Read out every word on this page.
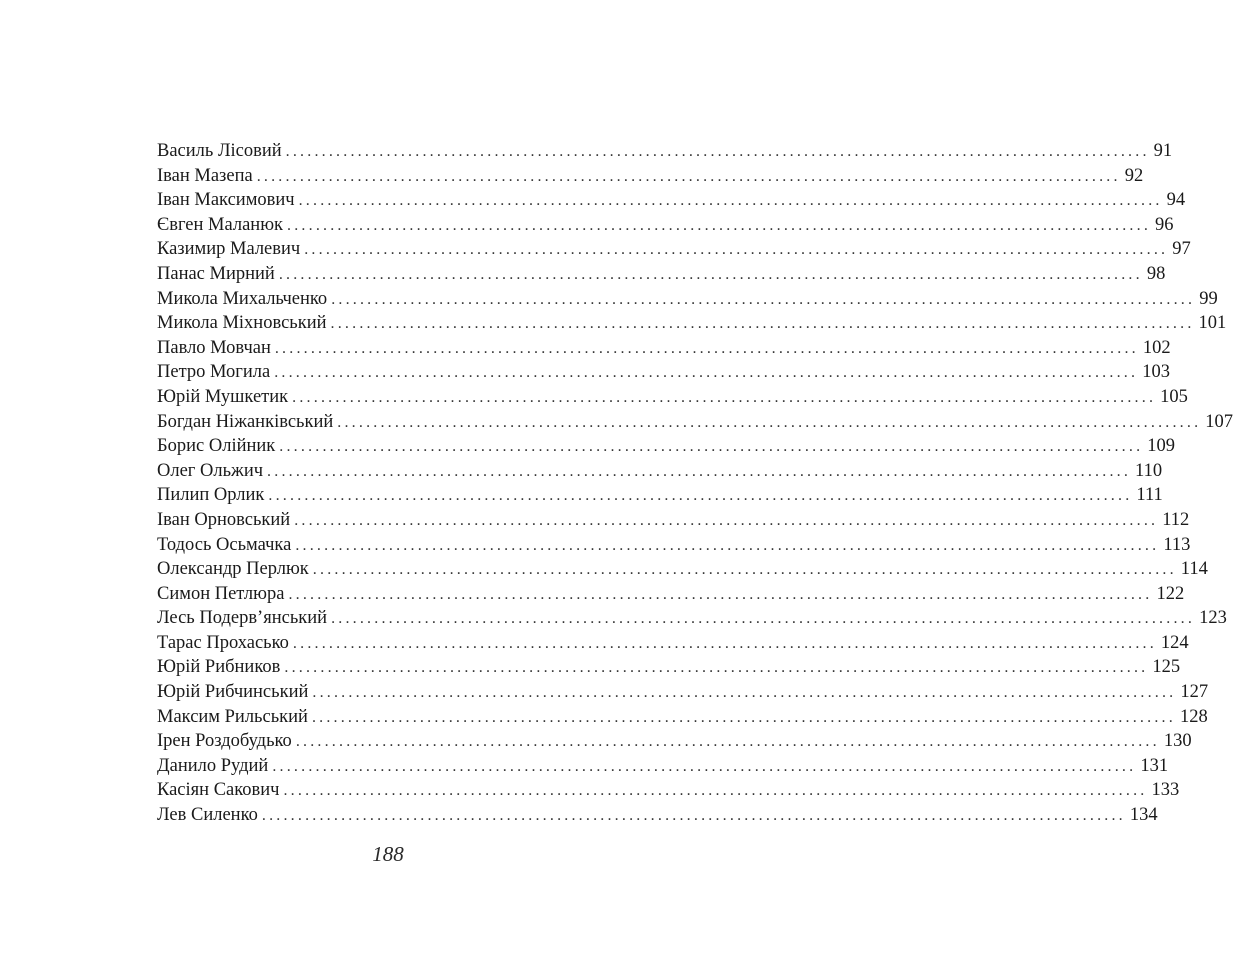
Василь Лісовий ........................................................................................................................ 91
Іван Мазепа ........................................................................................................................ 92
Іван Максимович ........................................................................................................................ 94
Євген Маланюк ........................................................................................................................ 96
Казимир Малевич ........................................................................................................................ 97
Панас Мирний ........................................................................................................................ 98
Микола Михальченко ........................................................................................................................ 99
Микола Міхновський ........................................................................................................................ 101
Павло Мовчан ........................................................................................................................ 102
Петро Могила ........................................................................................................................ 103
Юрій Мушкетик ........................................................................................................................ 105
Богдан Ніжанківський ........................................................................................................................ 107
Борис Олійник ........................................................................................................................ 109
Олег Ольжич ........................................................................................................................ 110
Пилип Орлик ........................................................................................................................ 111
Іван Орновський ........................................................................................................................ 112
Тодось Осьмачка ........................................................................................................................ 113
Олександр Перлюк ........................................................................................................................ 114
Симон Петлюра ........................................................................................................................ 122
Лесь Подерв’янський ........................................................................................................................ 123
Тарас Прохасько ........................................................................................................................ 124
Юрій Рибников ........................................................................................................................ 125
Юрій Рибчинський ........................................................................................................................ 127
Максим Рильський ........................................................................................................................ 128
Ірен Роздобудько ........................................................................................................................ 130
Данило Рудий ........................................................................................................................ 131
Касіян Сакович ........................................................................................................................ 133
Лев Силенко ........................................................................................................................ 134
188
